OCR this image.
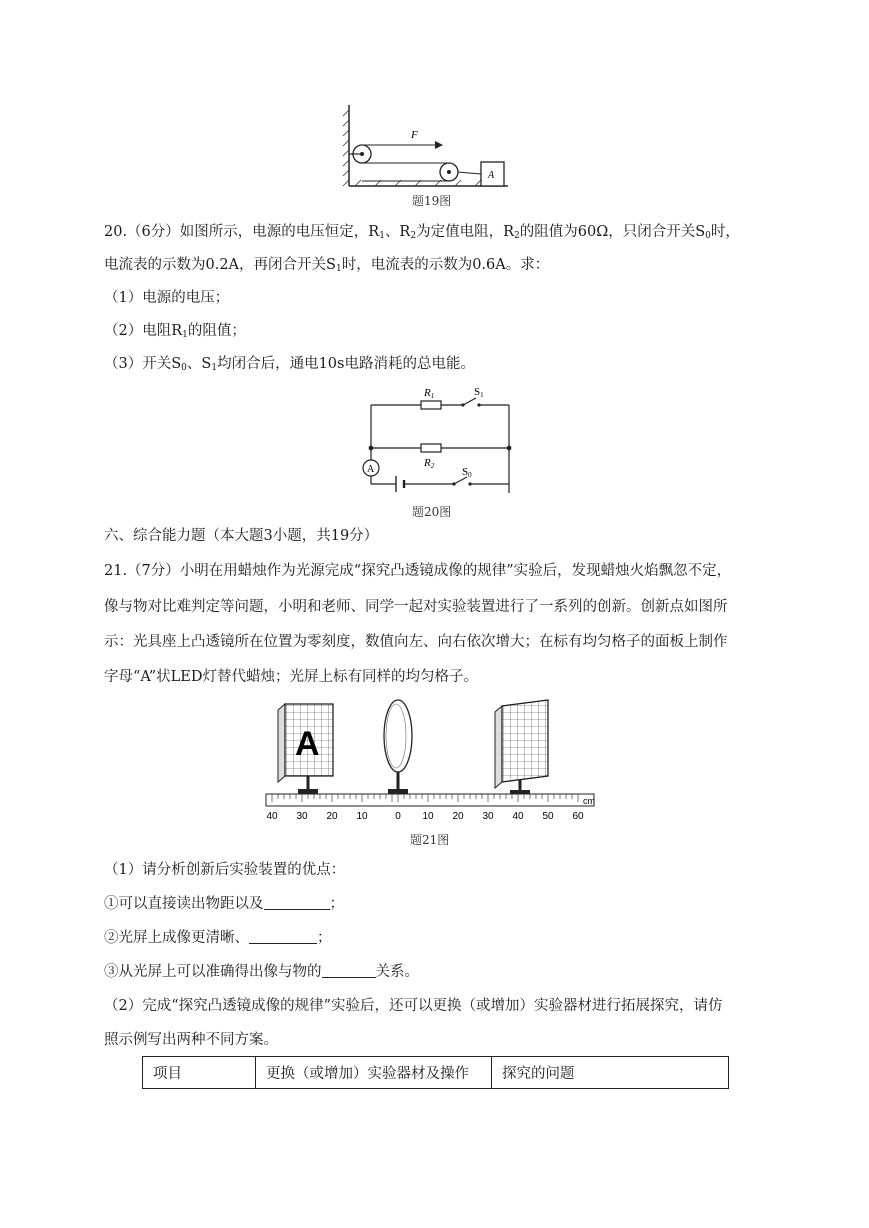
F
A
题19图
20.（6分）如图所示，电源的电压恒定，$R_1$、$R_2$为定值电阻，$R_2$的阻值为60Ω，只闭合开关$S_0$时，
电流表的示数为0.2A，再闭合开关$S_1$时，电流表的示数为0.6A。求：
（1）电源的电压；
（2）电阻$R_1$的阻值；
（3）开关$S_0$、$S_1$均闭合后，通电10s电路消耗的总电能。
R1
R2
S1
S0
A
题20图
六、综合能力题（本大题3小题，共19分）
21.（7分）小明在用蜡烛作为光源完成“探究凸透镜成像的规律”实验后，发现蜡烛火焰飘忽不定，
像与物对比难判定等问题，小明和老师、同学一起对实验装置进行了一系列的创新。创新点如图所
示：光具座上凸透镜所在位置为零刻度，数值向左、向右依次增大；在标有均匀格子的面板上制作
字母“A”状LED灯替代蜡烛；光屏上标有同样的均匀格子。
A
cm
40 30 20 10	0 10 20 30 40 50 60
题21图
（1）请分析创新后实验装置的优点：
①可以直接读出物距以及	；
②光屏上成像更清晰、	；
③从光屏上可以准确得出像与物的	关系。
（2）完成“探究凸透镜成像的规律”实验后，还可以更换（或增加）实验器材进行拓展探究，请仿
照示例写出两种不同方案。
项目	更换（或增加）实验器材及操作	探究的问题
